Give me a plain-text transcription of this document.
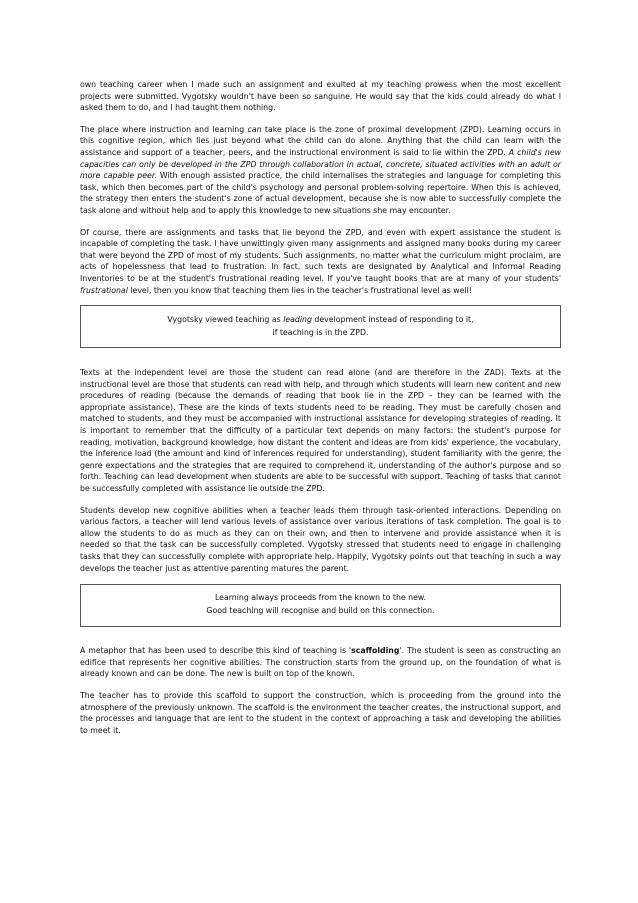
own teaching career when I made such an assignment and exulted at my teaching prowess when the most excellent projects were submitted. Vygotsky wouldn't have been so sanguine. He would say that the kids could already do what I asked them to do, and I had taught them nothing.

The place where instruction and learning can take place is the zone of proximal development (ZPD). Learning occurs in this cognitive region, which lies just beyond what the child can do alone. Anything that the child can learn with the assistance and support of a teacher, peers, and the instructional environment is said to lie within the ZPD. A child's new capacities can only be developed in the ZPD through collaboration in actual, concrete, situated activities with an adult or more capable peer. With enough assisted practice, the child internalises the strategies and language for completing this task, which then becomes part of the child's psychology and personal problem-solving repertoire. When this is achieved, the strategy then enters the student's zone of actual development, because she is now able to successfully complete the task alone and without help and to apply this knowledge to new situations she may encounter.

Of course, there are assignments and tasks that lie beyond the ZPD, and even with expert assistance the student is incapable of completing the task. I have unwittingly given many assignments and assigned many books during my career that were beyond the ZPD of most of my students. Such assignments, no matter what the curriculum might proclaim, are acts of hopelessness that lead to frustration. In fact, such texts are designated by Analytical and Informal Reading Inventories to be at the student's frustrational reading level. If you've taught books that are at many of your students' frustrational level, then you know that teaching them lies in the teacher's frustrational level as well!

Vygotsky viewed teaching as leading development instead of responding to it,
if teaching is in the ZPD.

Texts at the independent level are those the student can read alone (and are therefore in the ZAD). Texts at the instructional level are those that students can read with help, and through which students will learn new content and new procedures of reading (because the demands of reading that book lie in the ZPD – they can be learned with the appropriate assistance). These are the kinds of texts students need to be reading. They must be carefully chosen and matched to students, and they must be accompanied with instructional assistance for developing strategies of reading. It is important to remember that the difficulty of a particular text depends on many factors: the student's purpose for reading, motivation, background knowledge, how distant the content and ideas are from kids' experience, the vocabulary, the inference load (the amount and kind of inferences required for understanding), student familiarity with the genre, the genre expectations and the strategies that are required to comprehend it, understanding of the author's purpose and so forth. Teaching can lead development when students are able to be successful with support. Teaching of tasks that cannot be successfully completed with assistance lie outside the ZPD.

Students develop new cognitive abilities when a teacher leads them through task-oriented interactions. Depending on various factors, a teacher will lend various levels of assistance over various iterations of task completion. The goal is to allow the students to do as much as they can on their own, and then to intervene and provide assistance when it is needed so that the task can be successfully completed. Vygotsky stressed that students need to engage in challenging tasks that they can successfully complete with appropriate help. Happily, Vygotsky points out that teaching in such a way develops the teacher just as attentive parenting matures the parent.

Learning always proceeds from the known to the new.
Good teaching will recognise and build on this connection.

A metaphor that has been used to describe this kind of teaching is 'scaffolding'. The student is seen as constructing an edifice that represents her cognitive abilities. The construction starts from the ground up, on the foundation of what is already known and can be done. The new is built on top of the known.

The teacher has to provide this scaffold to support the construction, which is proceeding from the ground into the atmosphere of the previously unknown. The scaffold is the environment the teacher creates, the instructional support, and the processes and language that are lent to the student in the context of approaching a task and developing the abilities to meet it.
